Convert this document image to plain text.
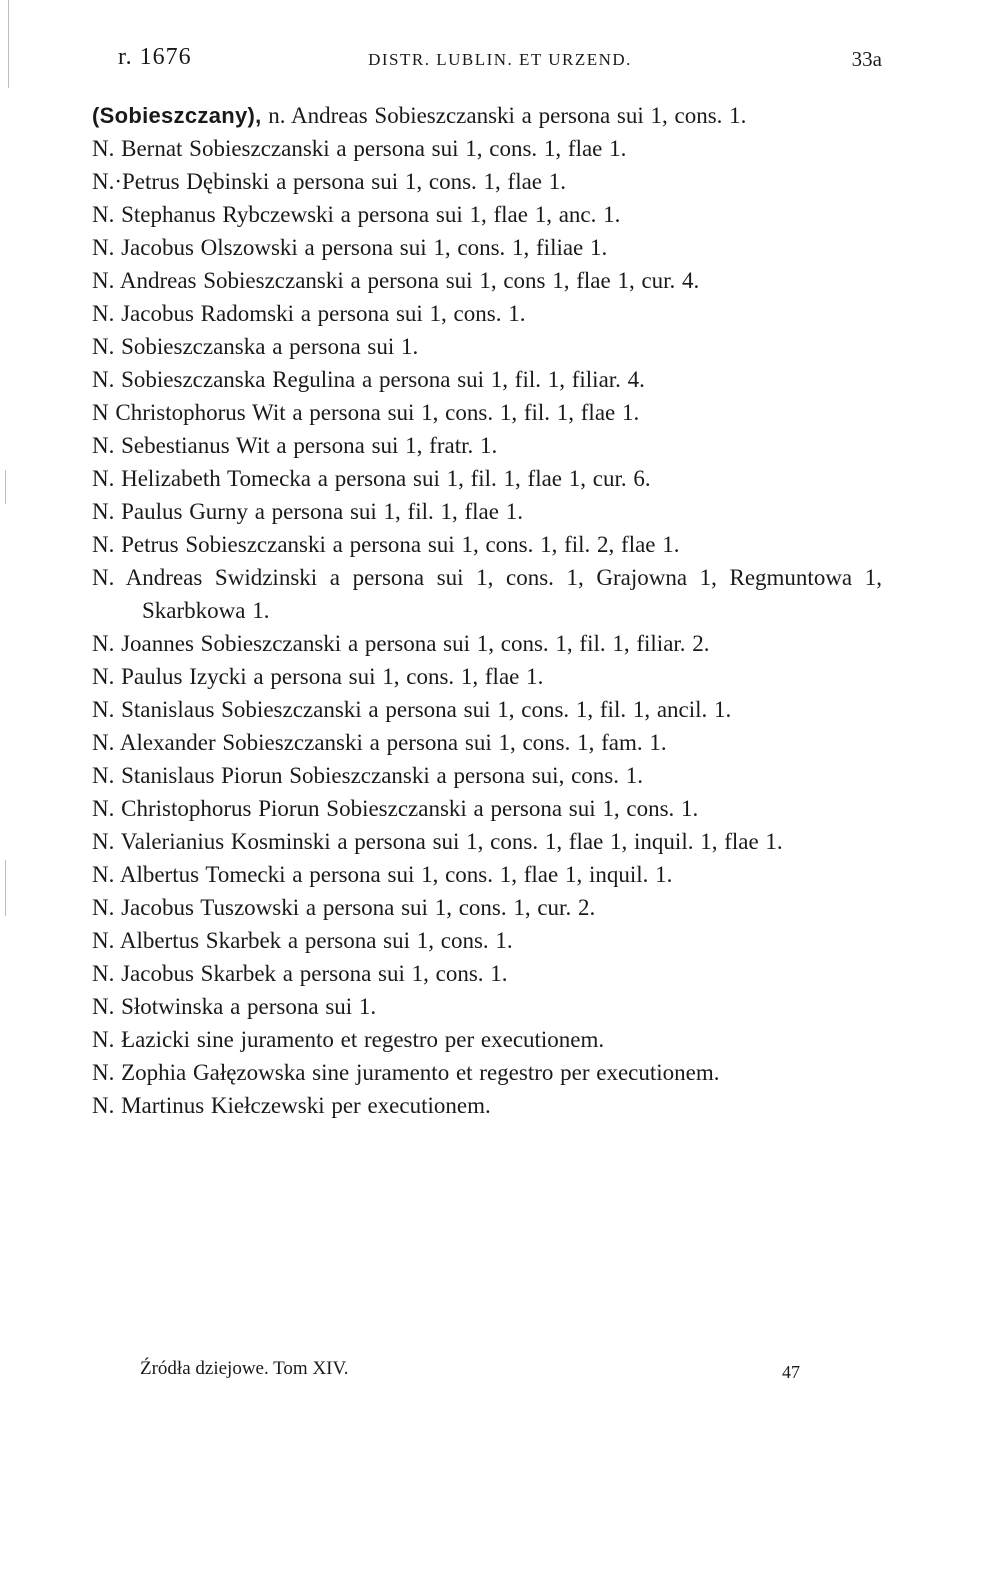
r. 1676	DISTR. LUBLIN. ET URZEND.	33a

(Sobieszczany), n. Andreas Sobieszczanski a persona sui 1, cons. 1.

N. Bernat Sobieszczanski a persona sui 1, cons. 1, flae 1.

N.·Petrus Dębinski a persona sui 1, cons. 1, flae 1.

N. Stephanus Rybczewski a persona sui 1, flae 1, anc. 1.

N. Jacobus Olszowski a persona sui 1, cons. 1, filiae 1.

N. Andreas Sobieszczanski a persona sui 1, cons 1, flae 1, cur. 4.

N. Jacobus Radomski a persona sui 1, cons. 1.

N. Sobieszczanska a persona sui 1.

N. Sobieszczanska Regulina a persona sui 1, fil. 1, filiar. 4.

N Christophorus Wit a persona sui 1, cons. 1, fil. 1, flae 1.

N. Sebestianus Wit a persona sui 1, fratr. 1.

N. Helizabeth Tomecka a persona sui 1, fil. 1, flae 1, cur. 6.

N. Paulus Gurny a persona sui 1, fil. 1, flae 1.

N. Petrus Sobieszczanski a persona sui 1, cons. 1, fil. 2, flae 1.

N. Andreas Swidzinski a persona sui 1, cons. 1, Grajowna 1, Regmuntowa 1, Skarbkowa 1.

N. Joannes Sobieszczanski a persona sui 1, cons. 1, fil. 1, filiar. 2.

N. Paulus Izycki a persona sui 1, cons. 1, flae 1.

N. Stanislaus Sobieszczanski a persona sui 1, cons. 1, fil. 1, ancil. 1.

N. Alexander Sobieszczanski a persona sui 1, cons. 1, fam. 1.

N. Stanislaus Piorun Sobieszczanski a persona sui, cons. 1.

N. Christophorus Piorun Sobieszczanski a persona sui 1, cons. 1.

N. Valerianius Kosminski a persona sui 1, cons. 1, flae 1, inquil. 1, flae 1.

N. Albertus Tomecki a persona sui 1, cons. 1, flae 1, inquil. 1.

N. Jacobus Tuszowski a persona sui 1, cons. 1, cur. 2.

N. Albertus Skarbek a persona sui 1, cons. 1.

N. Jacobus Skarbek a persona sui 1, cons. 1.

N. Słotwinska a persona sui 1.

N. Łazicki sine juramento et regestro per executionem.

N. Zophia Gałęzowska sine juramento et regestro per executionem.

N. Martinus Kiełczewski per executionem.

Źródła dziejowe. Tom XIV.	47
